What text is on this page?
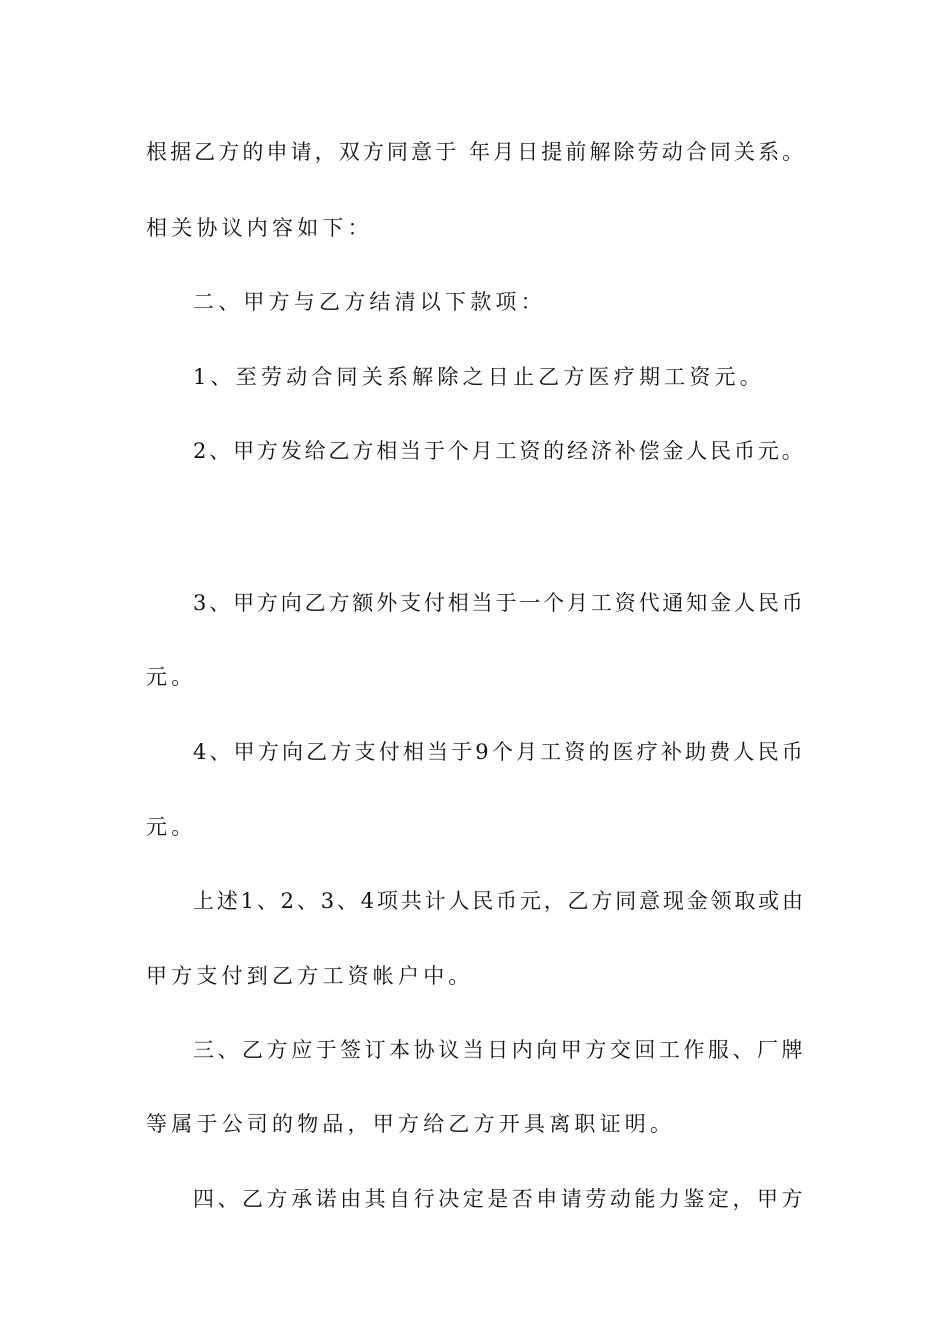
根据乙方的申请，双方同意于 年月日提前解除劳动合同关系。
相关协议内容如下：
二、甲方与乙方结清以下款项：
1、至劳动合同关系解除之日止乙方医疗期工资元。
2、甲方发给乙方相当于个月工资的经济补偿金人民币元。
3、甲方向乙方额外支付相当于一个月工资代通知金人民币
元。
4、甲方向乙方支付相当于9个月工资的医疗补助费人民币
元。
上述1、2、3、4项共计人民币元，乙方同意现金领取或由
甲方支付到乙方工资帐户中。
三、乙方应于签订本协议当日内向甲方交回工作服、厂牌
等属于公司的物品，甲方给乙方开具离职证明。
四、乙方承诺由其自行决定是否申请劳动能力鉴定，甲方
